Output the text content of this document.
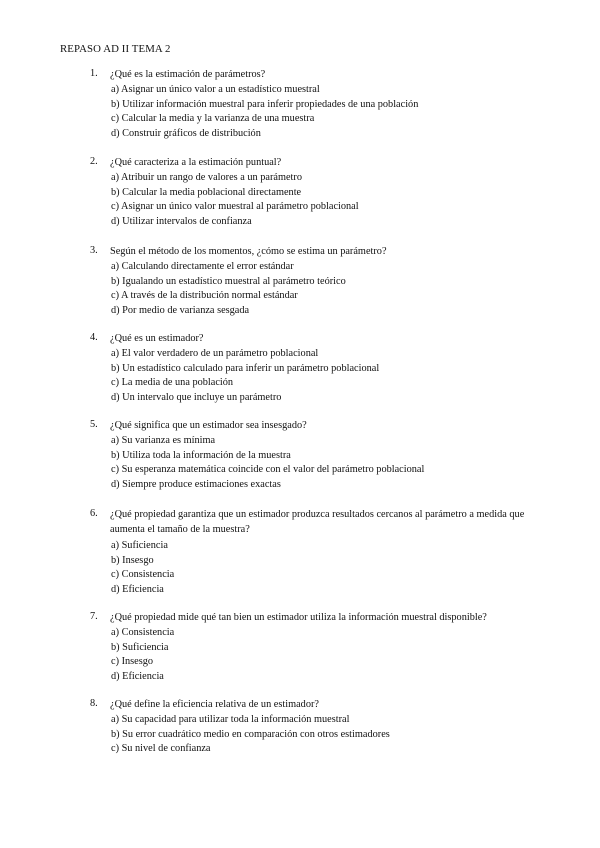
REPASO AD II TEMA 2
1. ¿Qué es la estimación de parámetros?
a) Asignar un único valor a un estadístico muestral
b) Utilizar información muestral para inferir propiedades de una población
c) Calcular la media y la varianza de una muestra
d) Construir gráficos de distribución
2. ¿Qué caracteriza a la estimación puntual?
a) Atribuir un rango de valores a un parámetro
b) Calcular la media poblacional directamente
c) Asignar un único valor muestral al parámetro poblacional
d) Utilizar intervalos de confianza
3. Según el método de los momentos, ¿cómo se estima un parámetro?
a) Calculando directamente el error estándar
b) Igualando un estadístico muestral al parámetro teórico
c) A través de la distribución normal estándar
d) Por medio de varianza sesgada
4. ¿Qué es un estimador?
a) El valor verdadero de un parámetro poblacional
b) Un estadístico calculado para inferir un parámetro poblacional
c) La media de una población
d) Un intervalo que incluye un parámetro
5. ¿Qué significa que un estimador sea insesgado?
a) Su varianza es mínima
b) Utiliza toda la información de la muestra
c) Su esperanza matemática coincide con el valor del parámetro poblacional
d) Siempre produce estimaciones exactas
6. ¿Qué propiedad garantiza que un estimador produzca resultados cercanos al parámetro a medida que aumenta el tamaño de la muestra?
a) Suficiencia
b) Insesgo
c) Consistencia
d) Eficiencia
7. ¿Qué propiedad mide qué tan bien un estimador utiliza la información muestral disponible?
a) Consistencia
b) Suficiencia
c) Insesgo
d) Eficiencia
8. ¿Qué define la eficiencia relativa de un estimador?
a) Su capacidad para utilizar toda la información muestral
b) Su error cuadrático medio en comparación con otros estimadores
c) Su nivel de confianza
